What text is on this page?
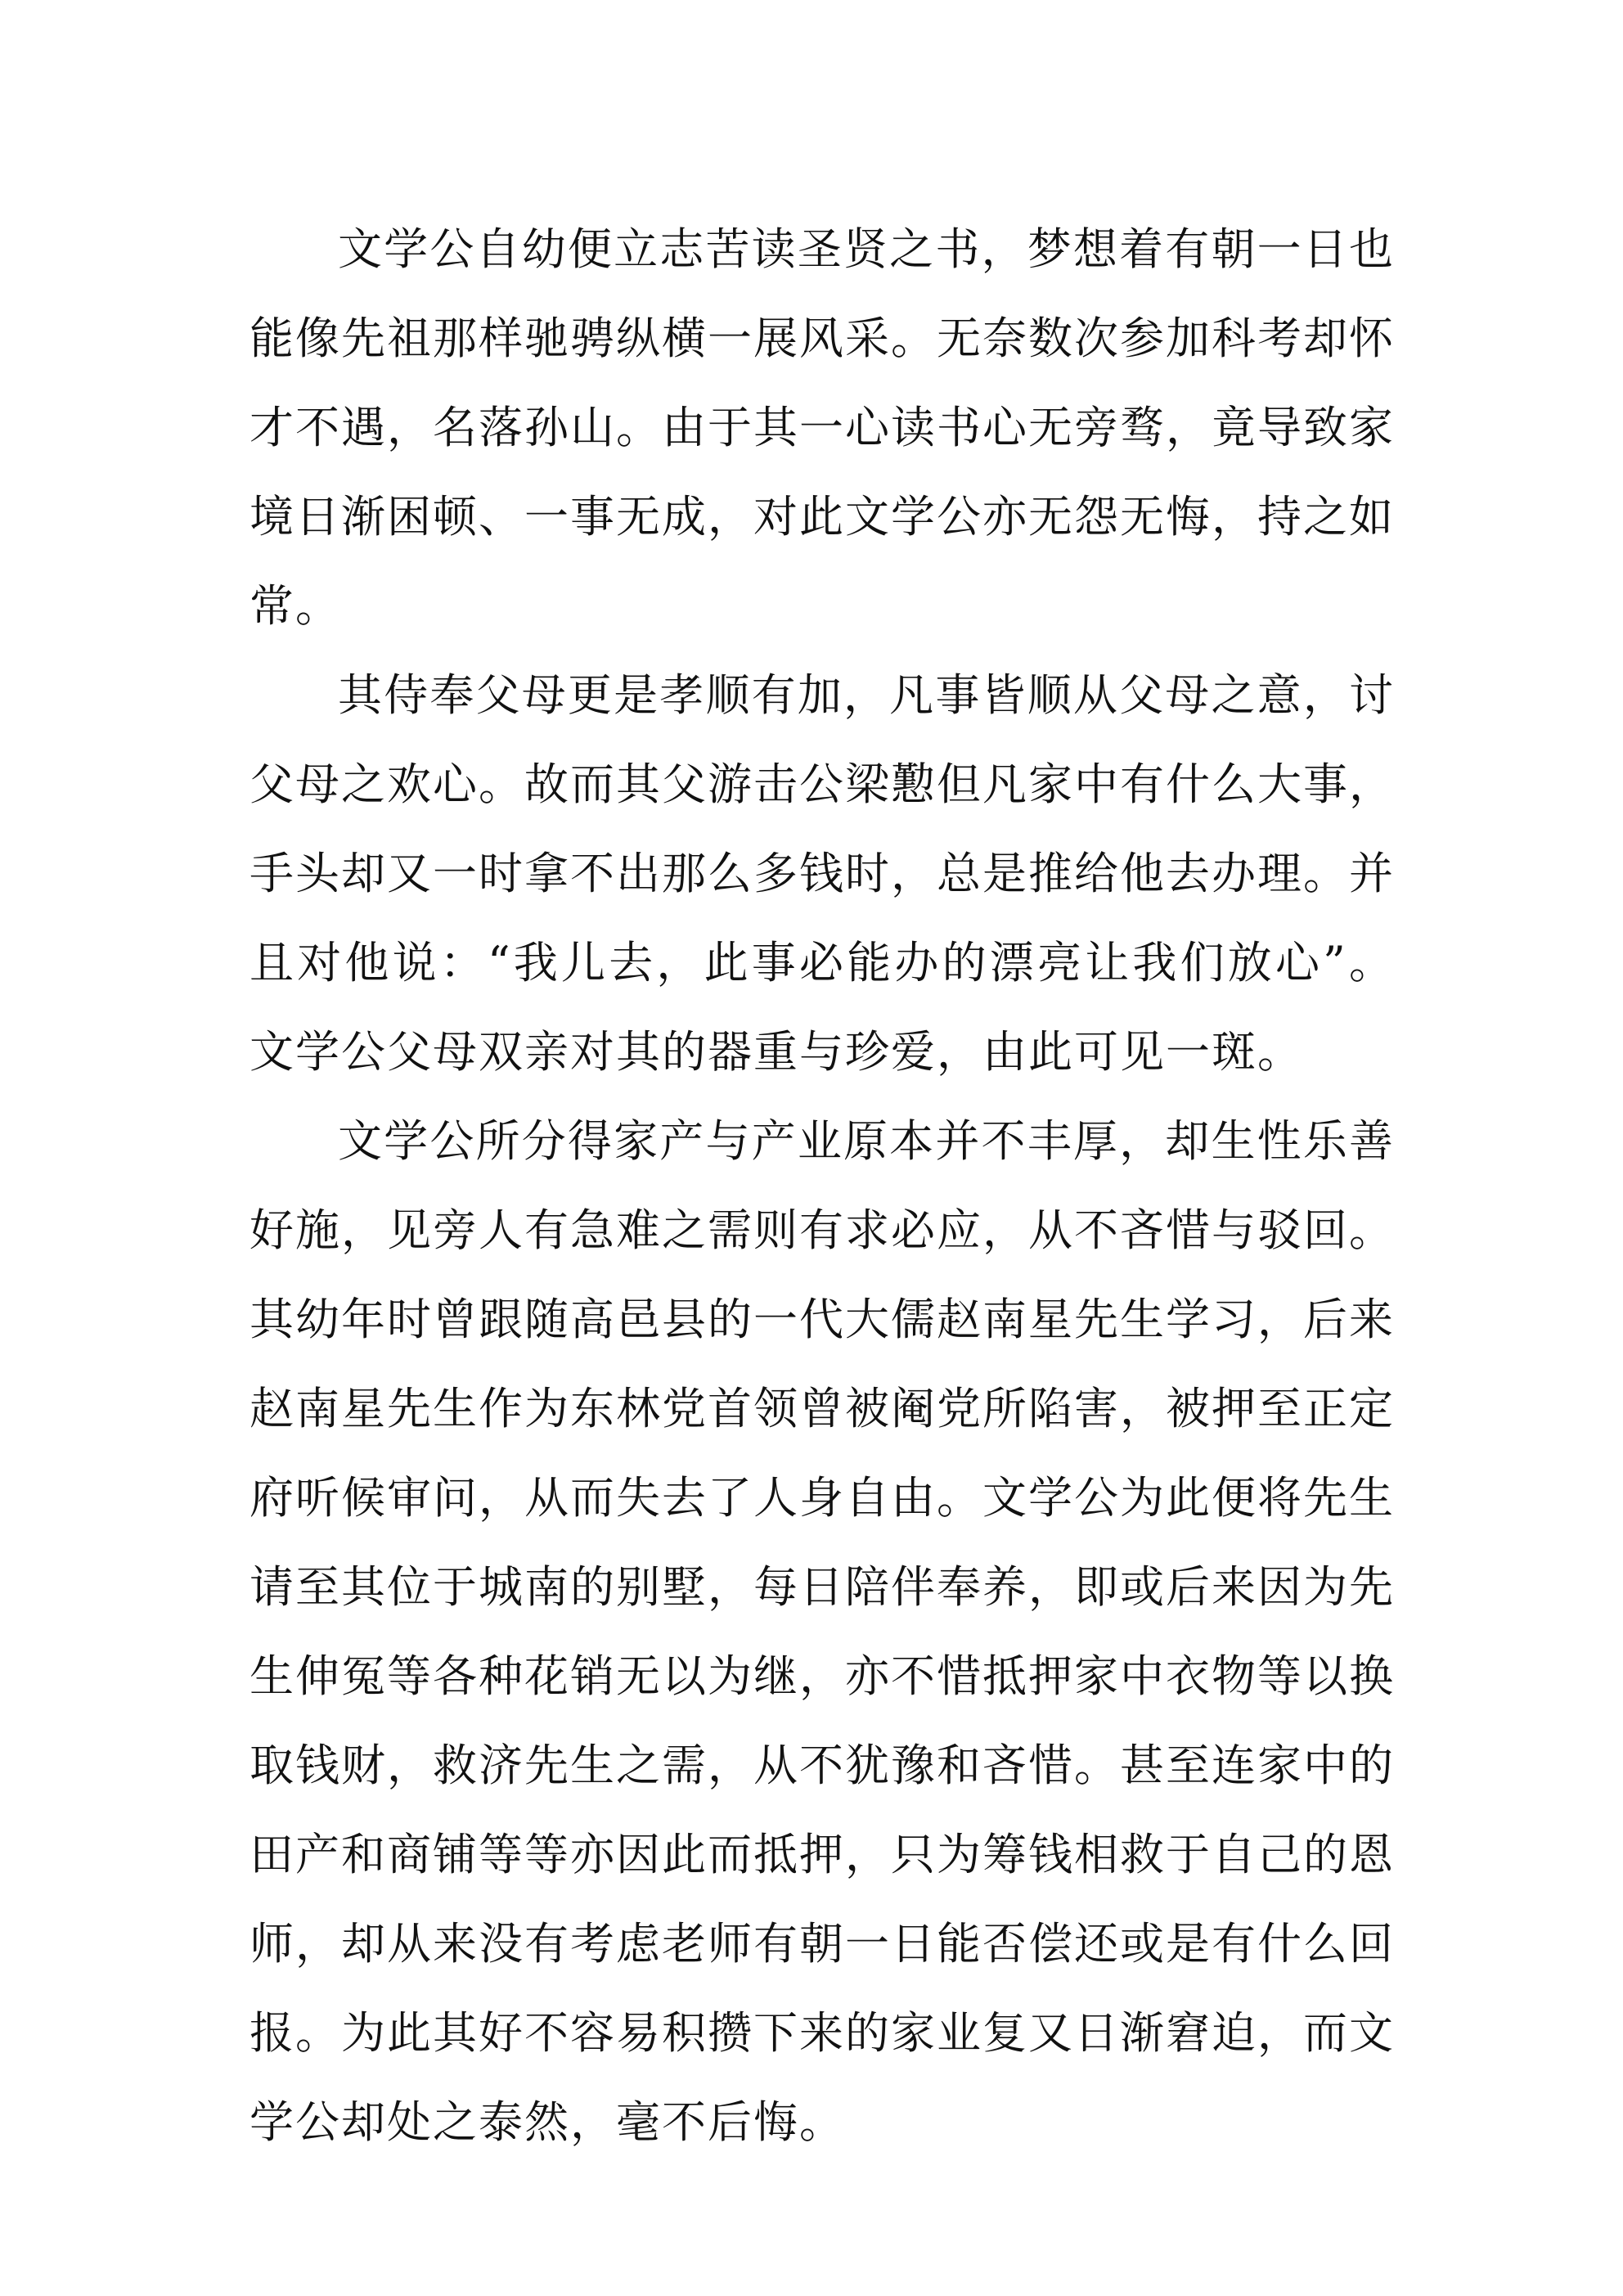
文学公自幼便立志苦读圣贤之书，梦想着有朝一日也能像先祖那样驰骋纵横一展风采。无奈数次参加科考却怀才不遇，名落孙山。由于其一心读书心无旁骛，竟导致家境日渐困顿、一事无成，对此文学公亦无怨无悔，持之如常。

其侍奉父母更是孝顺有加，凡事皆顺从父母之意，讨父母之欢心。故而其父游击公梁懃但凡家中有什么大事，手头却又一时拿不出那么多钱时，总是推给他去办理。并且对他说：“我儿去，此事必能办的漂亮让我们放心”。文学公父母双亲对其的器重与珍爱，由此可见一斑。

文学公所分得家产与产业原本并不丰厚，却生性乐善好施，见旁人有急难之需则有求必应，从不吝惜与驳回。其幼年时曾跟随高邑县的一代大儒赵南星先生学习，后来赵南星先生作为东林党首领曾被阉党所陷害，被押至正定府听候审问，从而失去了人身自由。文学公为此便将先生请至其位于城南的别墅，每日陪伴奉养，即或后来因为先生伸冤等各种花销无以为继，亦不惜抵押家中衣物等以换取钱财，救济先生之需，从不犹豫和吝惜。甚至连家中的田产和商铺等等亦因此而抵押，只为筹钱相救于自己的恩师，却从来没有考虑老师有朝一日能否偿还或是有什么回报。为此其好不容易积攒下来的家业复又日渐窘迫，而文学公却处之泰然，毫不后悔。
